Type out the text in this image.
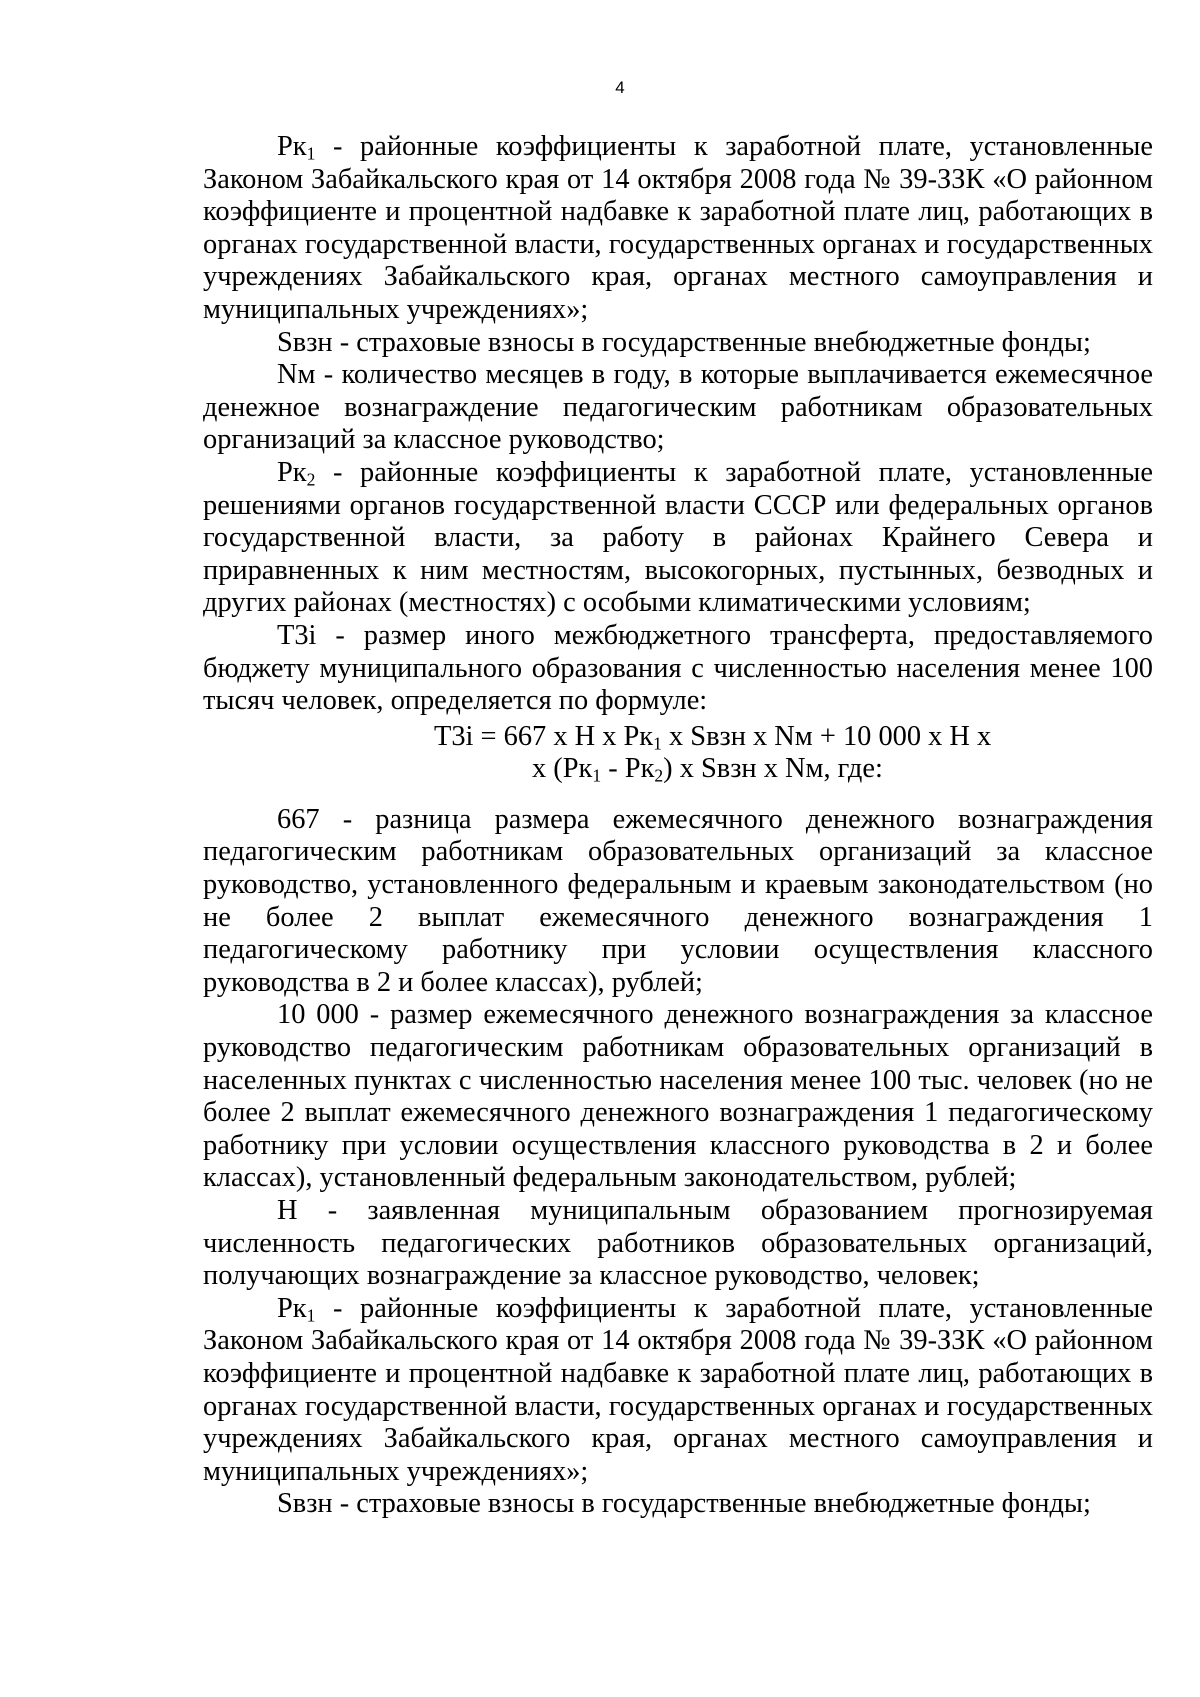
4

$Рк_1$ - районные коэффициенты к заработной плате, установленные Законом Забайкальского края от 14 октября 2008 года № 39-ЗЗК «О районном коэффициенте и процентной надбавке к заработной плате лиц, работающих в органах государственной власти, государственных органах и государственных учреждениях Забайкальского края, органах местного самоуправления и муниципальных учреждениях»;

Sвзн - страховые взносы в государственные внебюджетные фонды;

Nм - количество месяцев в году, в которые выплачивается ежемесячное денежное вознаграждение педагогическим работникам образовательных организаций за классное руководство;

$Рк_2$ - районные коэффициенты к заработной плате, установленные решениями органов государственной власти СССР или федеральных органов государственной власти, за работу в районах Крайнего Севера и приравненных к ним местностям, высокогорных, пустынных, безводных и других районах (местностях) с особыми климатическими условиям;

Т3i - размер иного межбюджетного трансферта, предоставляемого бюджету муниципального образования с численностью населения менее 100 тысяч человек, определяется по формуле:

Т3i = 667 х Н х $Рк_1$ х Sвзн х Nм + 10 000 х Н х
х $(Рк_1 - Рк_2)$ х Sвзн х Nм, где:

667 - разница размера ежемесячного денежного вознаграждения педагогическим работникам образовательных организаций за классное руководство, установленного федеральным и краевым законодательством (но не более 2 выплат ежемесячного денежного вознаграждения 1 педагогическому работнику при условии осуществления классного руководства в 2 и более классах), рублей;

10 000 - размер ежемесячного денежного вознаграждения за классное руководство педагогическим работникам образовательных организаций в населенных пунктах с численностью населения менее 100 тыс. человек (но не более 2 выплат ежемесячного денежного вознаграждения 1 педагогическому работнику при условии осуществления классного руководства в 2 и более классах), установленный федеральным законодательством, рублей;

Н - заявленная муниципальным образованием прогнозируемая численность педагогических работников образовательных организаций, получающих вознаграждение за классное руководство, человек;

$Рк_1$ - районные коэффициенты к заработной плате, установленные Законом Забайкальского края от 14 октября 2008 года № 39-ЗЗК «О районном коэффициенте и процентной надбавке к заработной плате лиц, работающих в органах государственной власти, государственных органах и государственных учреждениях Забайкальского края, органах местного самоуправления и муниципальных учреждениях»;

Sвзн - страховые взносы в государственные внебюджетные фонды;
